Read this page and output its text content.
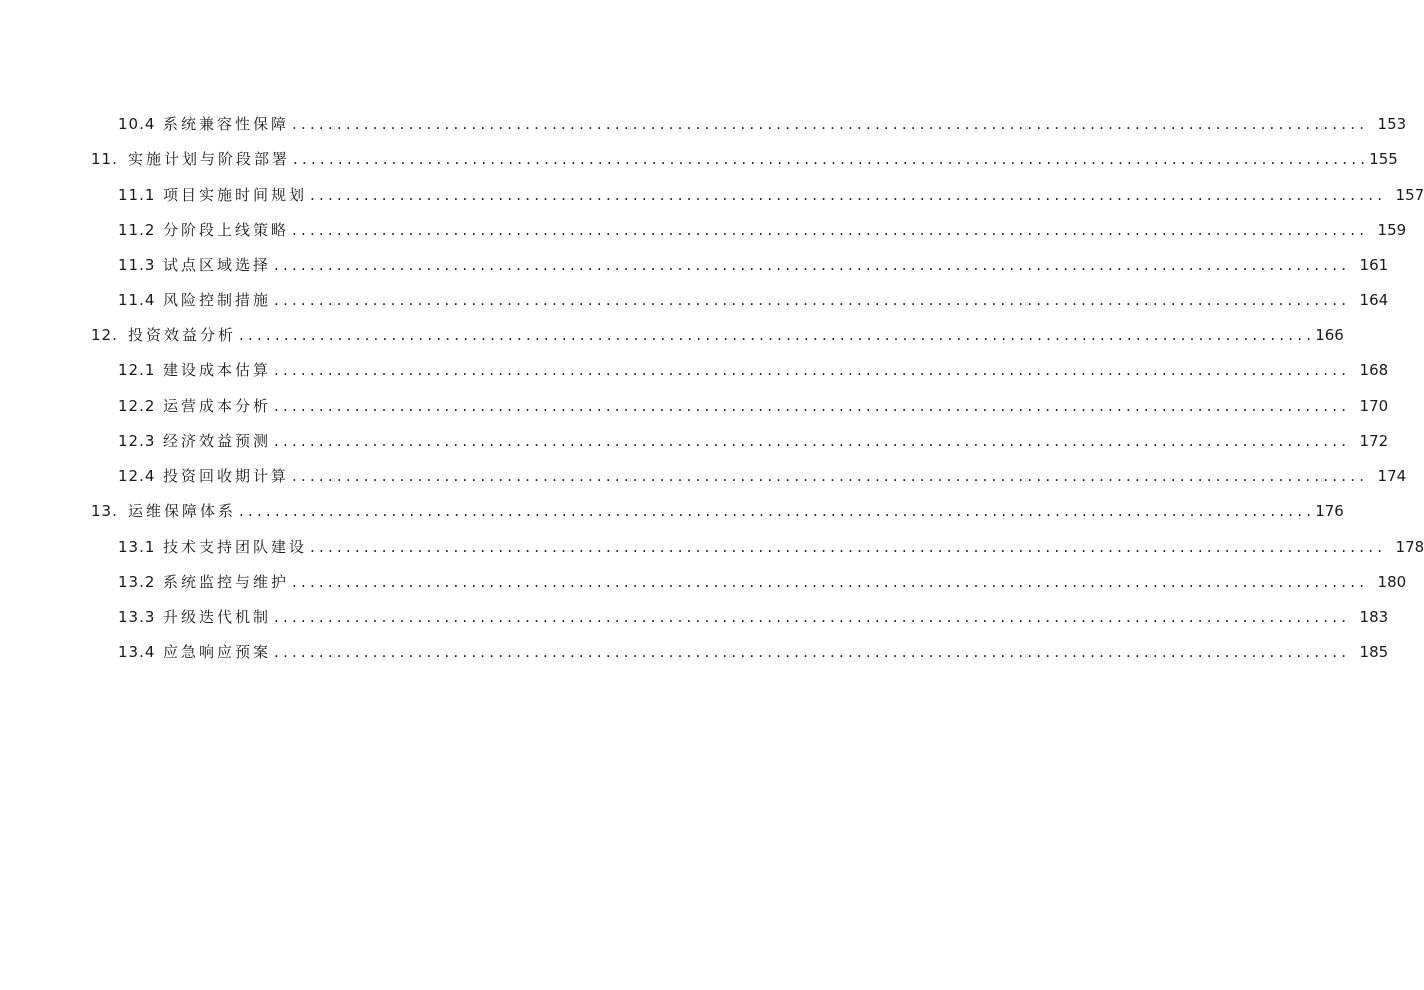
10.4 系统兼容性保障 ........................................................................................................................ 153
11. 实施计划与阶段部署 ........................................................................................................................ 155
11.1 项目实施时间规划 ........................................................................................................................ 157
11.2 分阶段上线策略 ........................................................................................................................ 159
11.3 试点区域选择 ........................................................................................................................ 161
11.4 风险控制措施 ........................................................................................................................ 164
12. 投资效益分析 ........................................................................................................................ 166
12.1 建设成本估算 ........................................................................................................................ 168
12.2 运营成本分析 ........................................................................................................................ 170
12.3 经济效益预测 ........................................................................................................................ 172
12.4 投资回收期计算 ........................................................................................................................ 174
13. 运维保障体系 ........................................................................................................................ 176
13.1 技术支持团队建设 ........................................................................................................................ 178
13.2 系统监控与维护 ........................................................................................................................ 180
13.3 升级迭代机制 ........................................................................................................................ 183
13.4 应急响应预案 ........................................................................................................................ 185
